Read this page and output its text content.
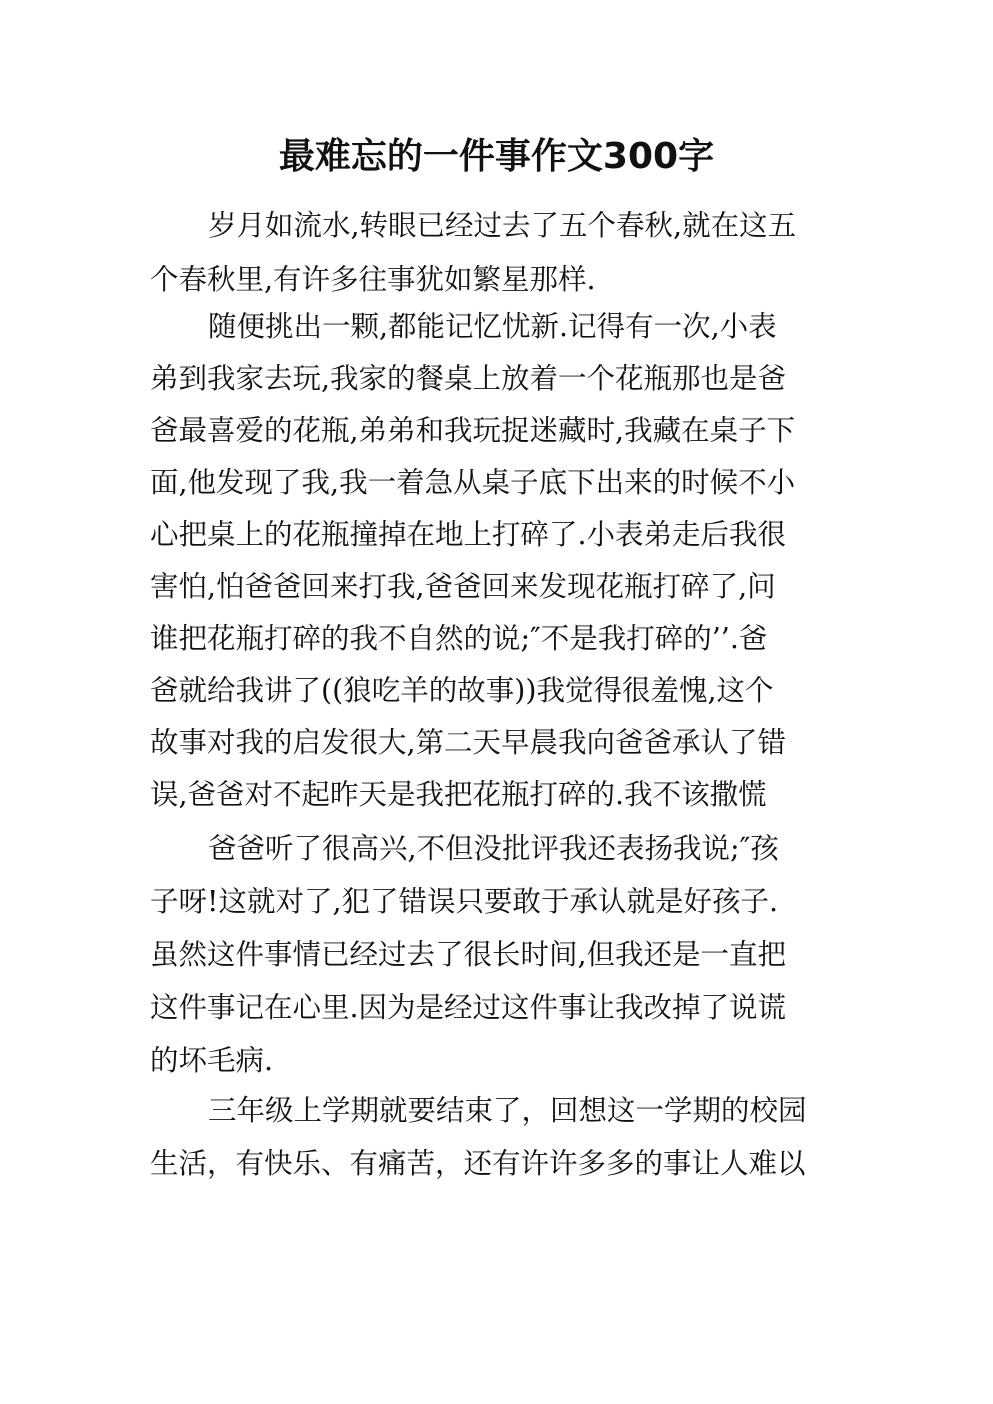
最难忘的一件事作文300字
岁月如流水,转眼已经过去了五个春秋,就在这五
个春秋里,有许多往事犹如繁星那样.
随便挑出一颗,都能记忆忧新.记得有一次,小表
弟到我家去玩,我家的餐桌上放着一个花瓶那也是爸
爸最喜爱的花瓶,弟弟和我玩捉迷藏时,我藏在桌子下
面,他发现了我,我一着急从桌子底下出来的时候不小
心把桌上的花瓶撞掉在地上打碎了.小表弟走后我很
害怕,怕爸爸回来打我,爸爸回来发现花瓶打碎了,问
谁把花瓶打碎的我不自然的说;″不是我打碎的’’.爸
爸就给我讲了((狼吃羊的故事))我觉得很羞愧,这个
故事对我的启发很大,第二天早晨我向爸爸承认了错
误,爸爸对不起昨天是我把花瓶打碎的.我不该撒慌
爸爸听了很高兴,不但没批评我还表扬我说;″孩
子呀!这就对了,犯了错误只要敢于承认就是好孩子.
虽然这件事情已经过去了很长时间,但我还是一直把
这件事记在心里.因为是经过这件事让我改掉了说谎
的坏毛病.
三年级上学期就要结束了，回想这一学期的校园
生活，有快乐、有痛苦，还有许许多多的事让人难以
